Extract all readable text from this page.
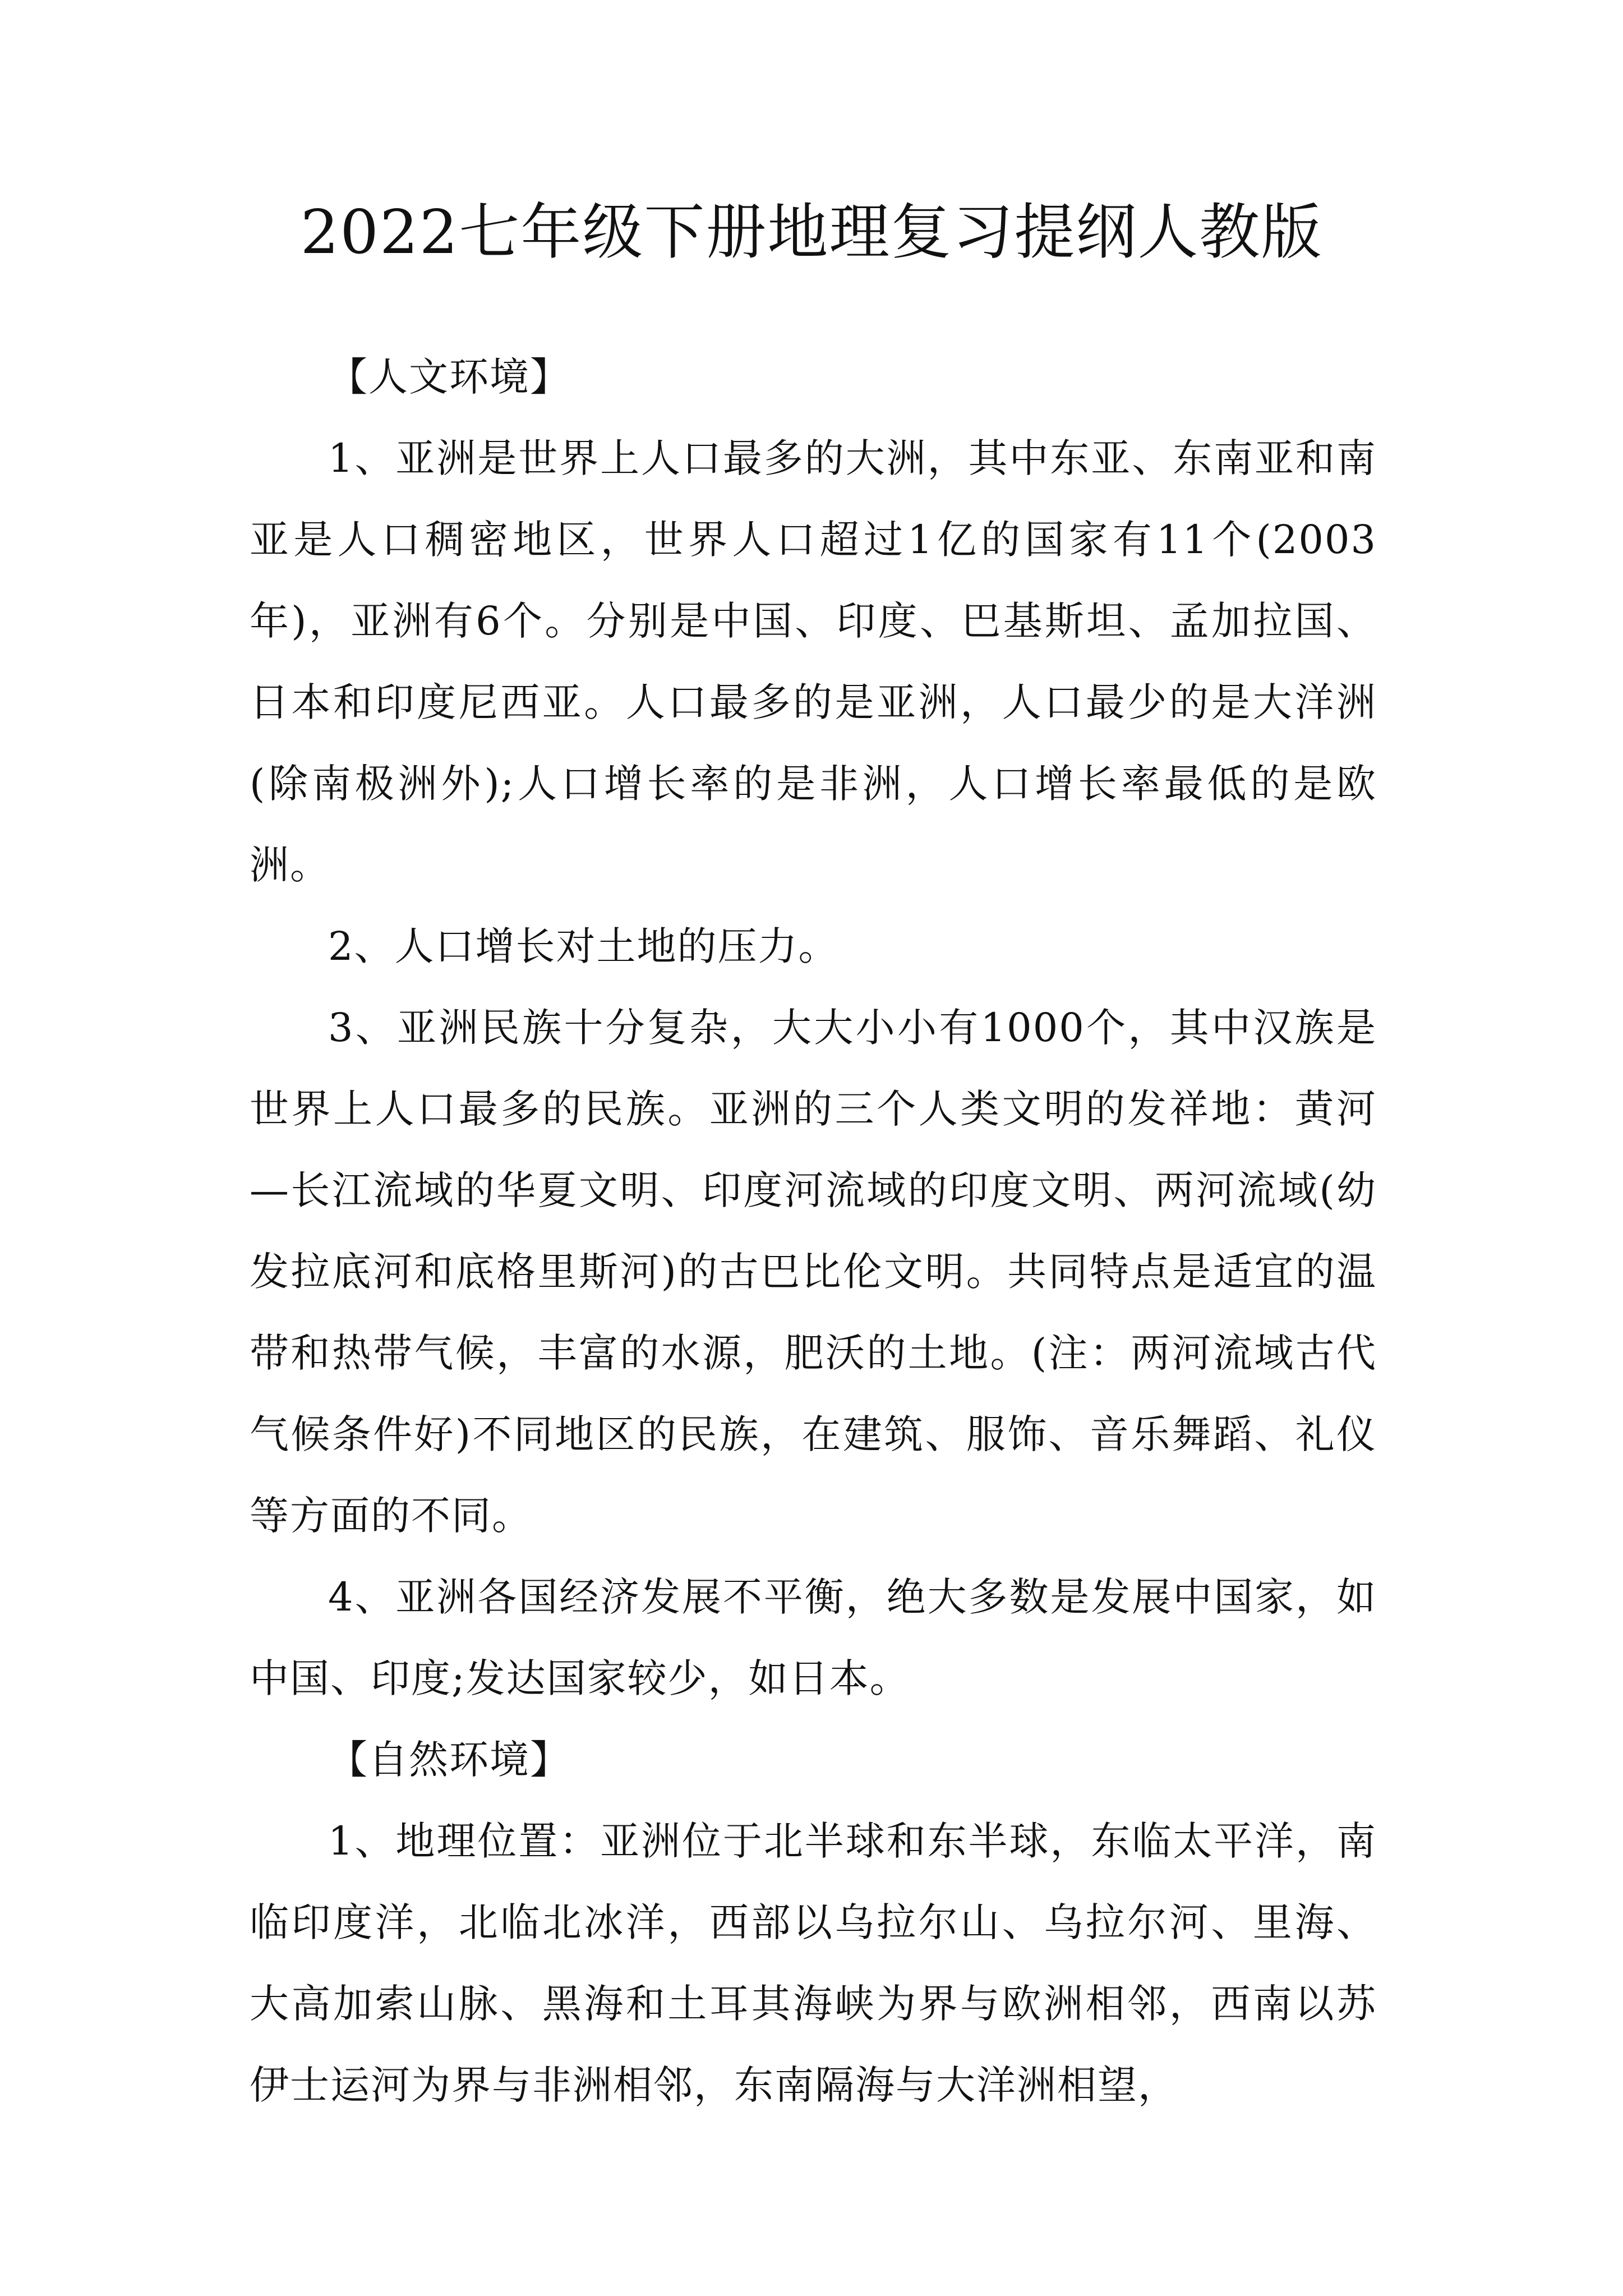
2022七年级下册地理复习提纲人教版

【人文环境】

1、亚洲是世界上人口最多的大洲，其中东亚、东南亚和南亚是人口稠密地区，世界人口超过1亿的国家有11个(2003年)，亚洲有6个。分别是中国、印度、巴基斯坦、孟加拉国、日本和印度尼西亚。人口最多的是亚洲，人口最少的是大洋洲(除南极洲外);人口增长率的是非洲，人口增长率最低的是欧洲。

2、人口增长对土地的压力。

3、亚洲民族十分复杂，大大小小有1000个，其中汉族是世界上人口最多的民族。亚洲的三个人类文明的发祥地：黄河—长江流域的华夏文明、印度河流域的印度文明、两河流域(幼发拉底河和底格里斯河)的古巴比伦文明。共同特点是适宜的温带和热带气候，丰富的水源，肥沃的土地。(注：两河流域古代气候条件好)不同地区的民族，在建筑、服饰、音乐舞蹈、礼仪等方面的不同。

4、亚洲各国经济发展不平衡，绝大多数是发展中国家，如中国、印度;发达国家较少，如日本。

【自然环境】

1、地理位置：亚洲位于北半球和东半球，东临太平洋，南临印度洋，北临北冰洋，西部以乌拉尔山、乌拉尔河、里海、大高加索山脉、黑海和土耳其海峡为界与欧洲相邻，西南以苏伊士运河为界与非洲相邻，东南隔海与大洋洲相望，
